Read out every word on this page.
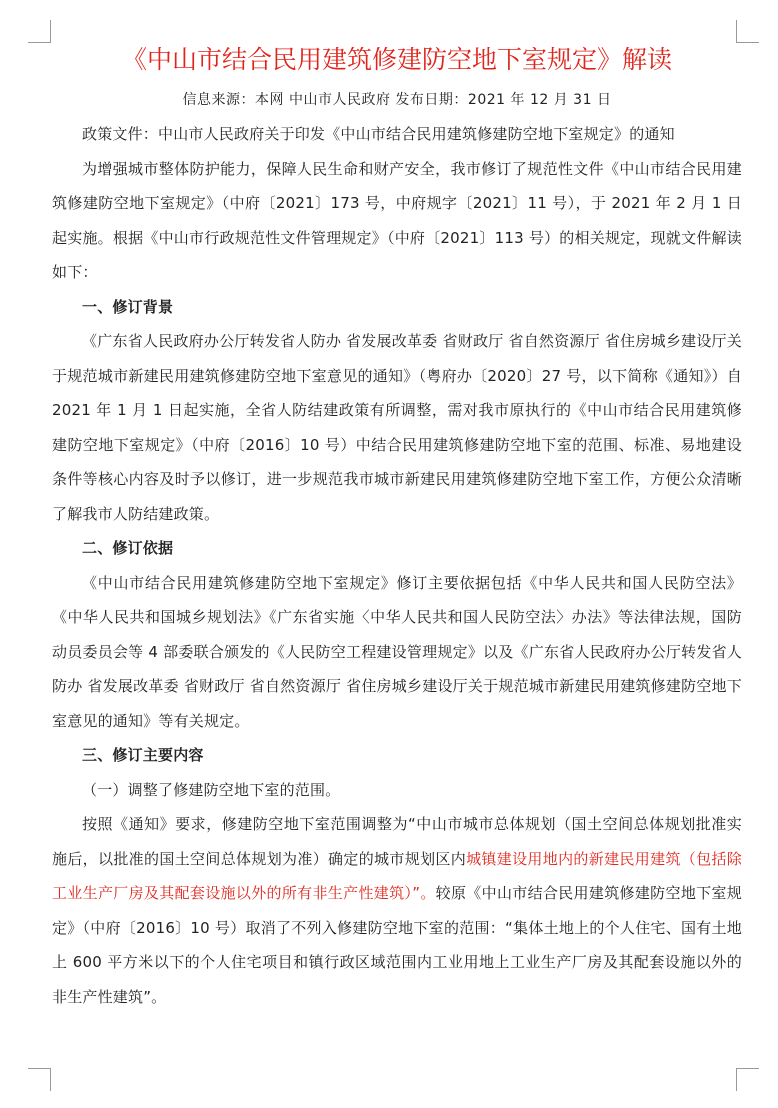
《中山市结合民用建筑修建防空地下室规定》解读
信息来源：本网 中山市人民政府 发布日期：2021 年 12 月 31 日

政策文件：中山市人民政府关于印发《中山市结合民用建筑修建防空地下室规定》的通知

为增强城市整体防护能力，保障人民生命和财产安全，我市修订了规范性文件《中山市结合民用建筑修建防空地下室规定》（中府〔2021〕173 号，中府规字〔2021〕11 号），于 2021 年 2 月 1 日起实施。根据《中山市行政规范性文件管理规定》（中府〔2021〕113 号）的相关规定，现就文件解读如下：

一、修订背景

《广东省人民政府办公厅转发省人防办 省发展改革委 省财政厅 省自然资源厅 省住房城乡建设厅关于规范城市新建民用建筑修建防空地下室意见的通知》（粤府办〔2020〕27 号，以下简称《通知》）自 2021 年 1 月 1 日起实施，全省人防结建政策有所调整，需对我市原执行的《中山市结合民用建筑修建防空地下室规定》（中府〔2016〕10 号）中结合民用建筑修建防空地下室的范围、标准、易地建设条件等核心内容及时予以修订，进一步规范我市城市新建民用建筑修建防空地下室工作，方便公众清晰了解我市人防结建政策。

二、修订依据

《中山市结合民用建筑修建防空地下室规定》修订主要依据包括《中华人民共和国人民防空法》《中华人民共和国城乡规划法》《广东省实施〈中华人民共和国人民防空法〉办法》等法律法规，国防动员委员会等 4 部委联合颁发的《人民防空工程建设管理规定》以及《广东省人民政府办公厅转发省人防办 省发展改革委 省财政厅 省自然资源厅 省住房城乡建设厅关于规范城市新建民用建筑修建防空地下室意见的通知》等有关规定。

三、修订主要内容

（一）调整了修建防空地下室的范围。

按照《通知》要求，修建防空地下室范围调整为“中山市城市总体规划（国土空间总体规划批准实施后，以批准的国土空间总体规划为准）确定的城市规划区内城镇建设用地内的新建民用建筑（包括除工业生产厂房及其配套设施以外的所有非生产性建筑）”。较原《中山市结合民用建筑修建防空地下室规定》（中府〔2016〕10 号）取消了不列入修建防空地下室的范围：“集体土地上的个人住宅、国有土地上 600 平方米以下的个人住宅项目和镇行政区域范围内工业用地上工业生产厂房及其配套设施以外的非生产性建筑”。
